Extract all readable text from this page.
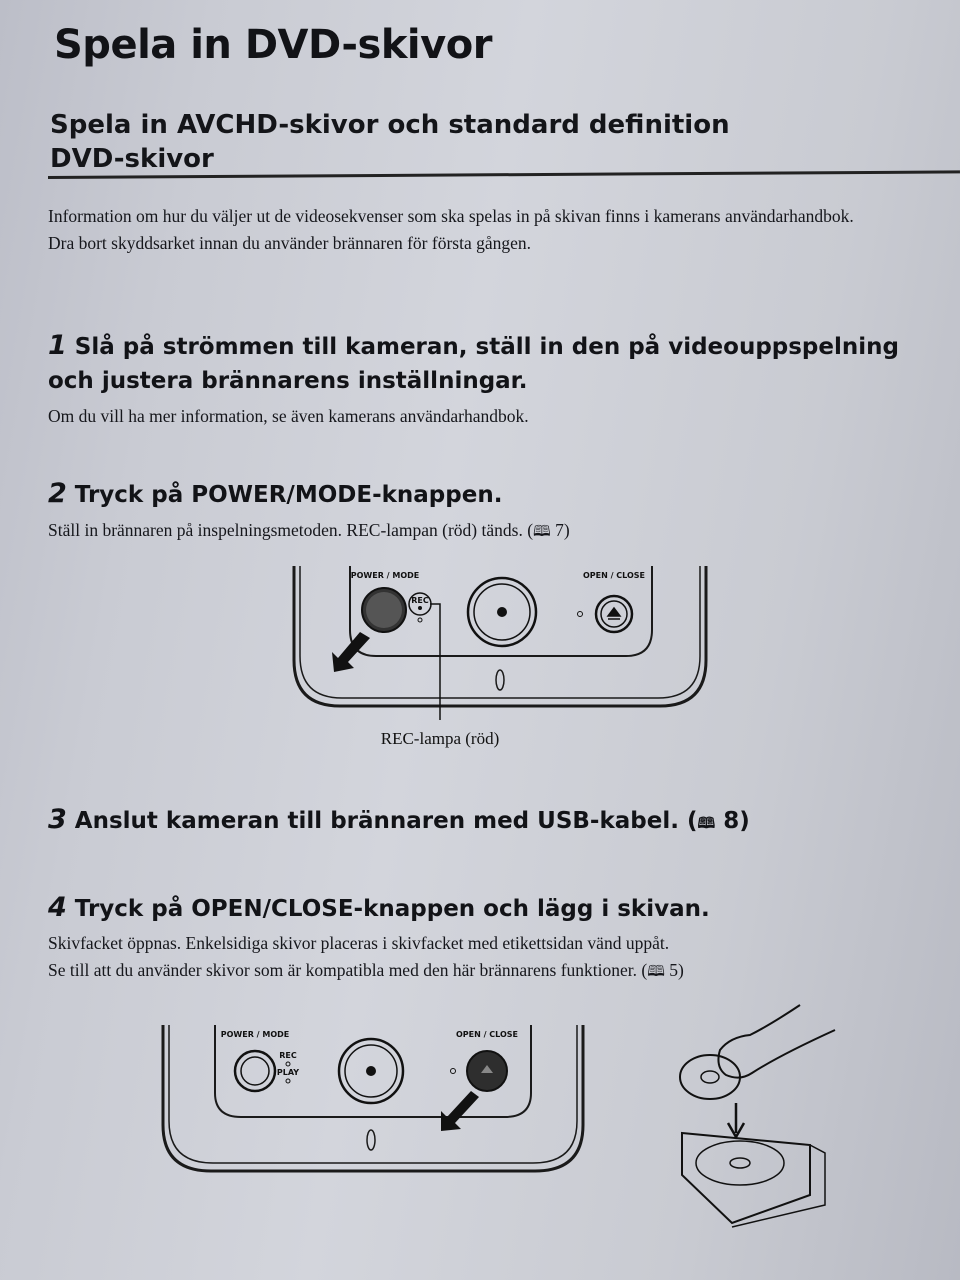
Spela in DVD-skivor
Spela in AVCHD-skivor och standard definition DVD-skivor

Information om hur du väljer ut de videosekvenser som ska spelas in på skivan finns i kamerans användarhandbok.

Dra bort skyddsarket innan du använder brännaren för första gången.

1 Slå på strömmen till kameran, ställ in den på videouppspelning och justera brännarens inställningar.

Om du vill ha mer information, se även kamerans användarhandbok.

2 Tryck på POWER/MODE-knappen.

Ställ in brännaren på inspelningsmetoden. REC-lampan (röd) tänds. (🕮 7)

POWER / MODE
REC
OPEN / CLOSE
REC-lampa (röd)
3 Anslut kameran till brännaren med USB-kabel. (🕮 8)
4 Tryck på OPEN/CLOSE-knappen och lägg i skivan.

Skivfacket öppnas. Enkelsidiga skivor placeras i skivfacket med etikettsidan vänd uppåt.

Se till att du använder skivor som är kompatibla med den här brännarens funktioner. (🕮 5)

POWER / MODE
REC
PLAY
OPEN / CLOSE
